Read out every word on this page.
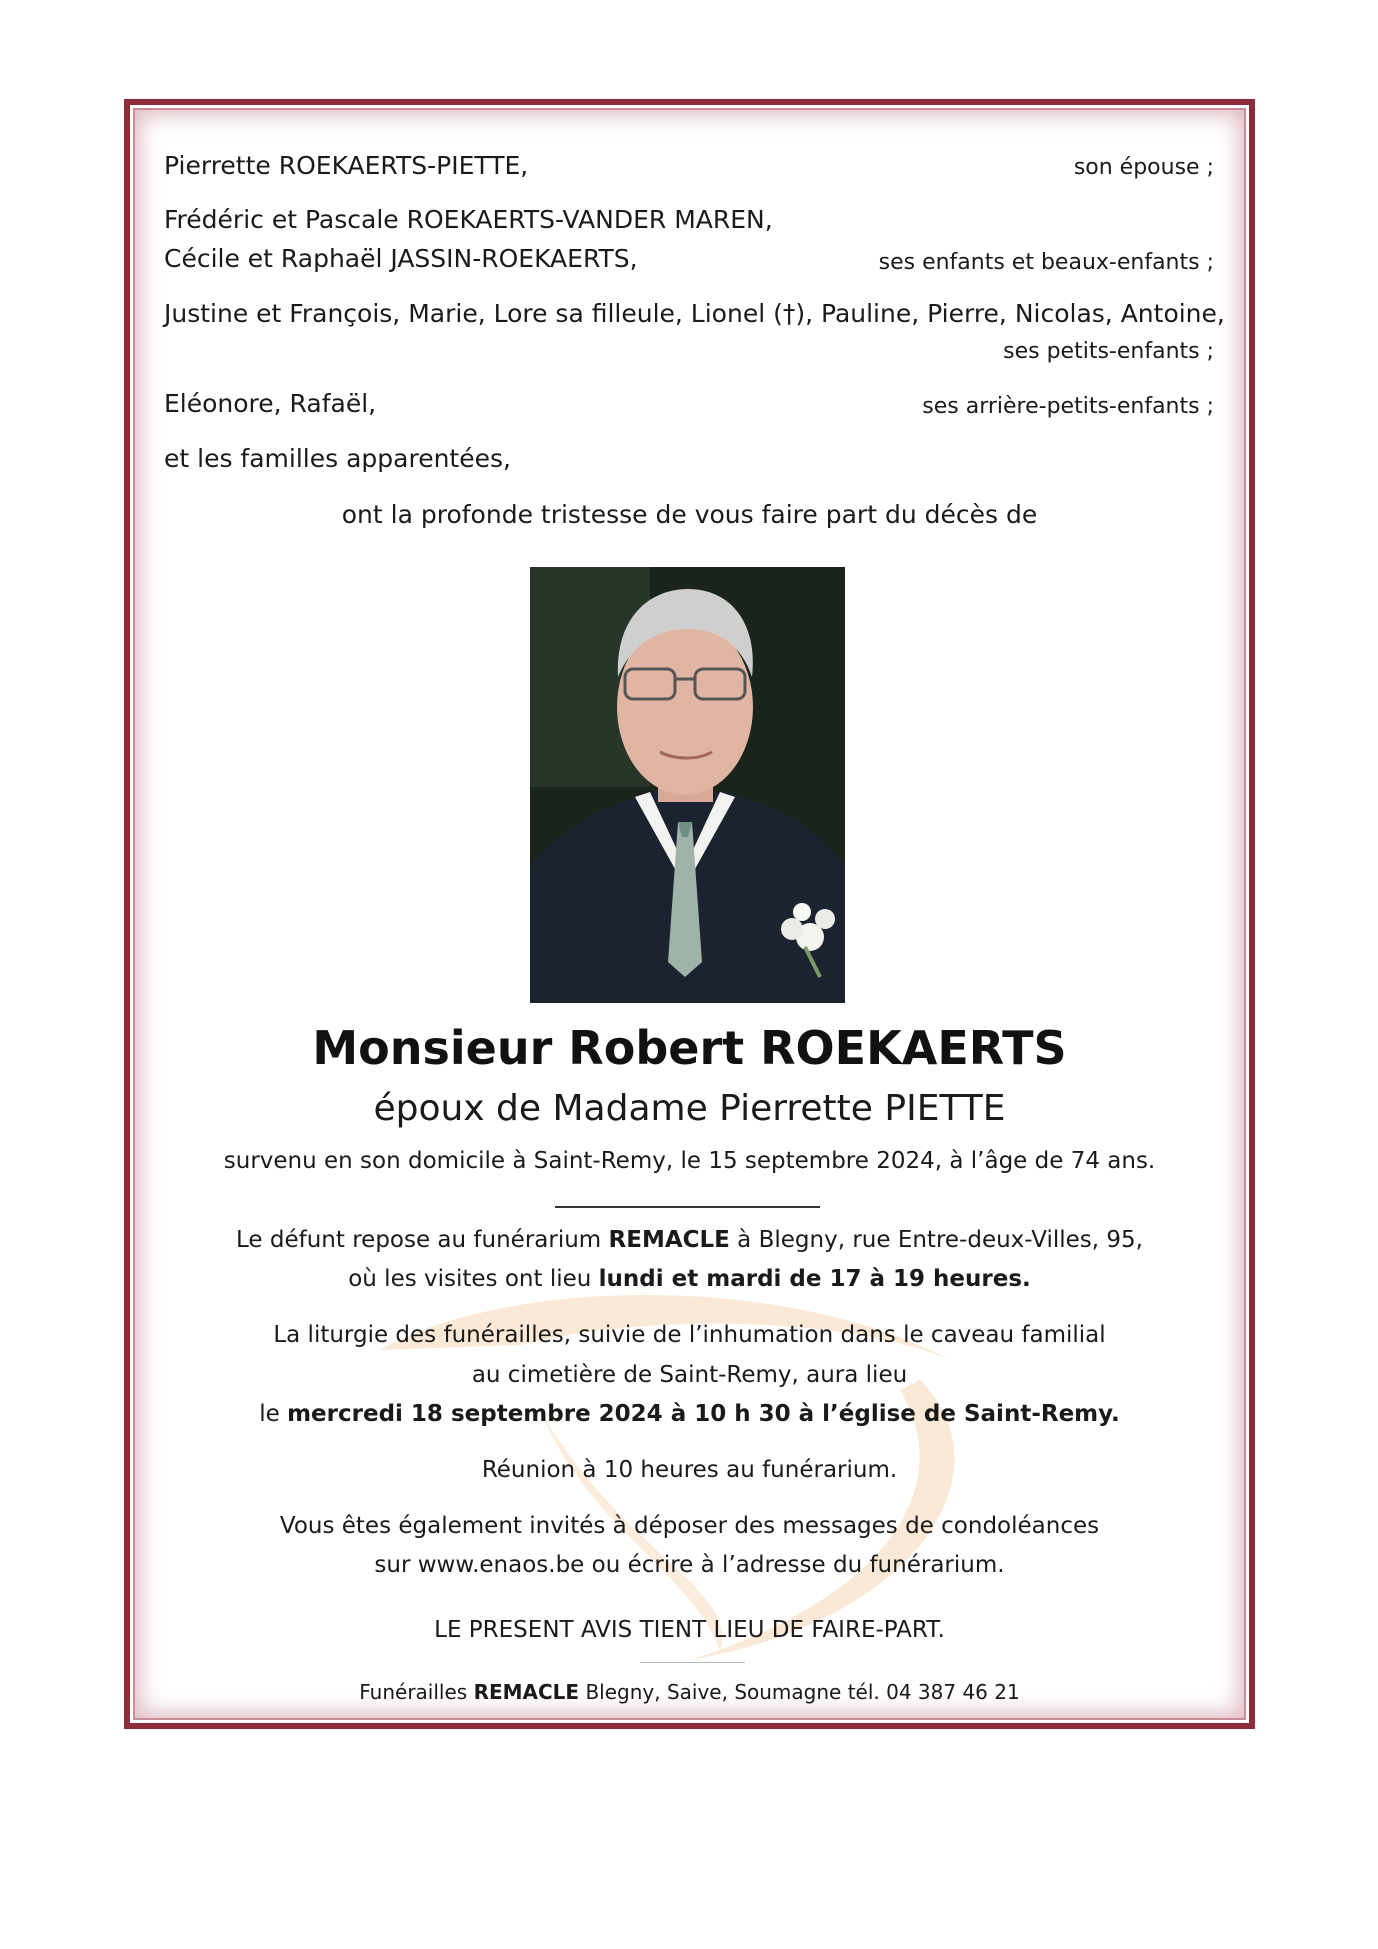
Pierrette ROEKAERTS-PIETTE,	son épouse ;
Frédéric et Pascale ROEKAERTS-VANDER MAREN,
Cécile et Raphaël JASSIN-ROEKAERTS,	ses enfants et beaux-enfants ;
Justine et François, Marie, Lore sa filleule, Lionel (†), Pauline, Pierre, Nicolas, Antoine,
ses petits-enfants ;
Eléonore, Rafaël,	ses arrière-petits-enfants ;
et les familles apparentées,
ont la profonde tristesse de vous faire part du décès de
Monsieur Robert ROEKAERTS
époux de Madame Pierrette PIETTE
survenu en son domicile à Saint-Remy, le 15 septembre 2024, à l’âge de 74 ans.
Le défunt repose au funérarium REMACLE à Blegny, rue Entre-deux-Villes, 95,
où les visites ont lieu lundi et mardi de 17 à 19 heures.
La liturgie des funérailles, suivie de l’inhumation dans le caveau familial
au cimetière de Saint-Remy, aura lieu
le mercredi 18 septembre 2024 à 10 h 30 à l’église de Saint-Remy.
Réunion à 10 heures au funérarium.
Vous êtes également invités à déposer des messages de condoléances
sur www.enaos.be ou écrire à l’adresse du funérarium.
LE PRESENT AVIS TIENT LIEU DE FAIRE-PART.
Funérailles REMACLE Blegny, Saive, Soumagne tél. 04 387 46 21
